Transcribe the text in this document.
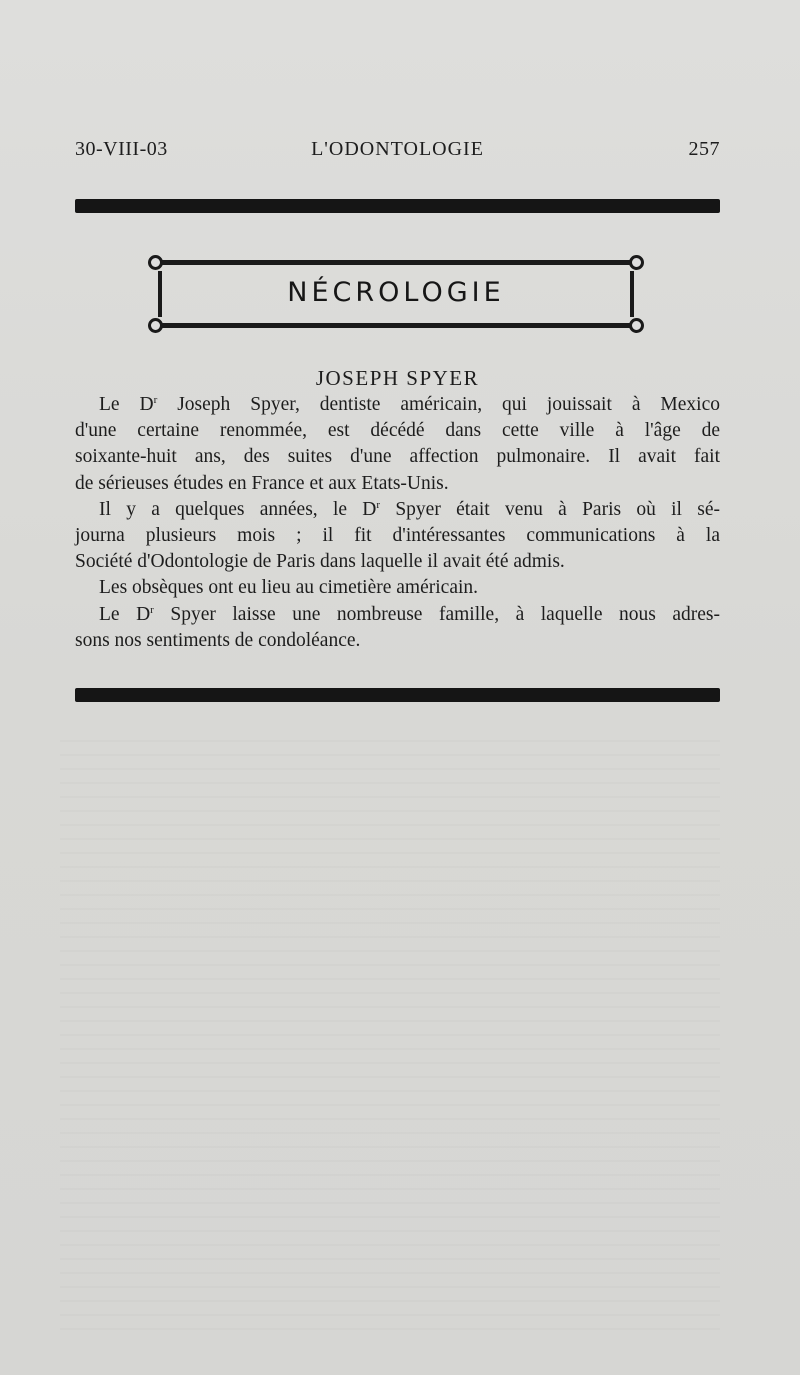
30-VIII-03	L'ODONTOLOGIE	257
NÉCROLOGIE
JOSEPH SPYER
Le $D^r$ Joseph Spyer, dentiste américain, qui jouissait à Mexico
d'une certaine renommée, est décédé dans cette ville à l'âge de
soixante-huit ans, des suites d'une affection pulmonaire. Il avait fait
de sérieuses études en France et aux Etats-Unis.
Il y a quelques années, le $D^r$ Spyer était venu à Paris où il sé-
journa plusieurs mois ; il fit d'intéressantes communications à la
Société d'Odontologie de Paris dans laquelle il avait été admis.
Les obsèques ont eu lieu au cimetière américain.
Le $D^r$ Spyer laisse une nombreuse famille, à laquelle nous adres-
sons nos sentiments de condoléance.
